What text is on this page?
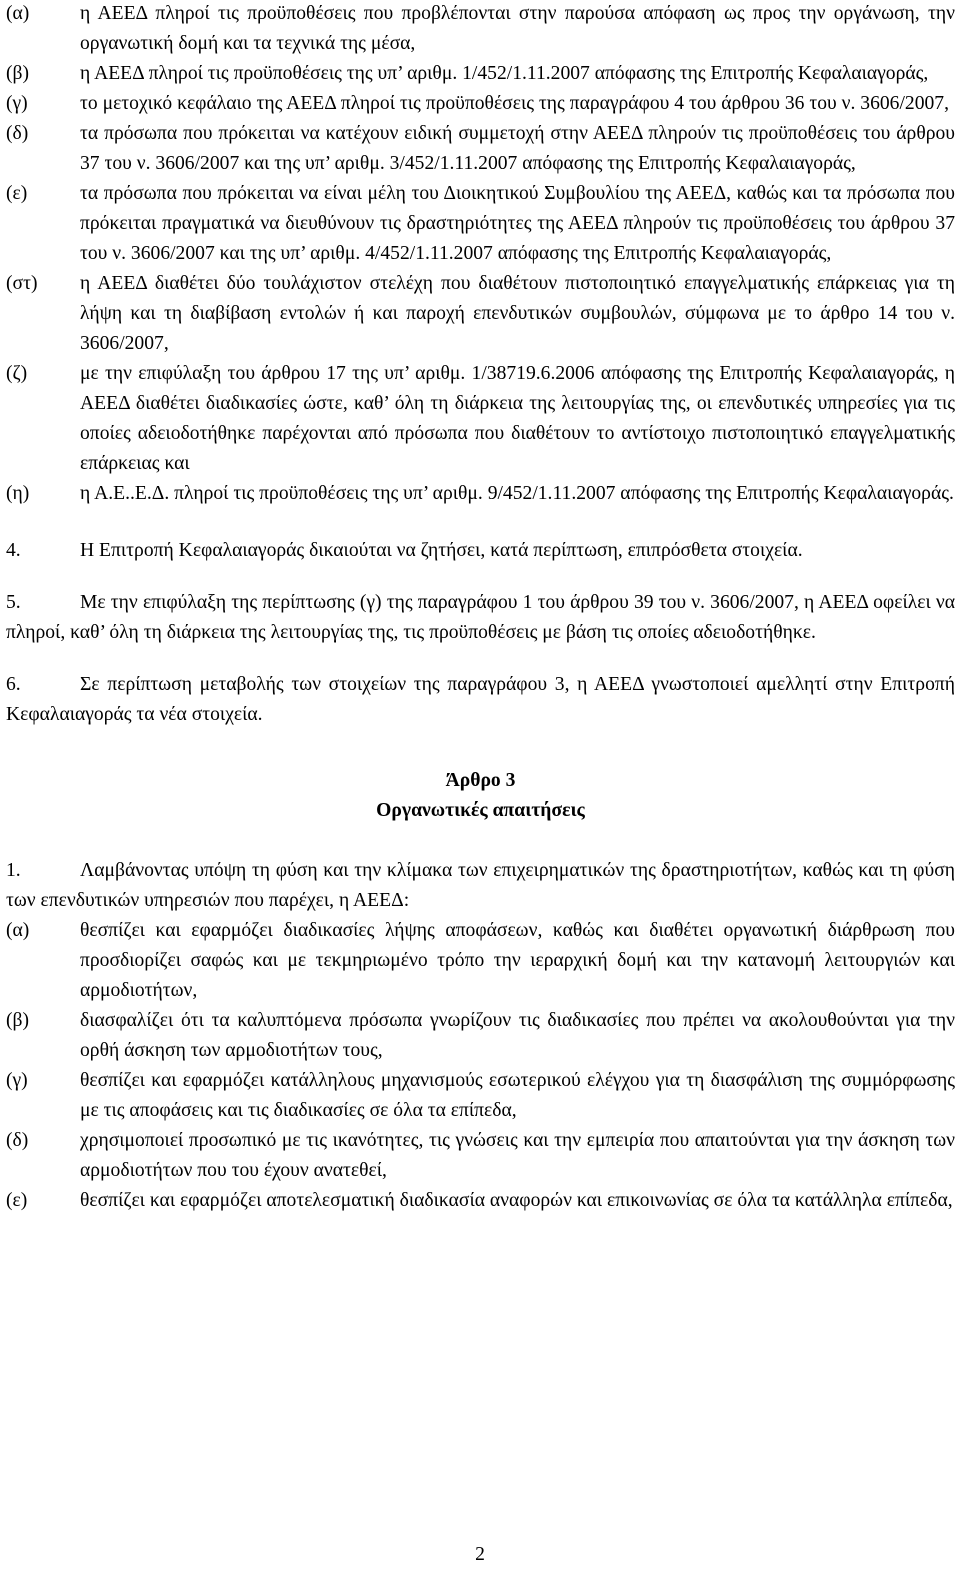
(α)	η ΑΕΕΔ πληροί τις προϋποθέσεις που προβλέπονται στην παρούσα απόφαση ως προς την οργάνωση, την οργανωτική δομή και τα τεχνικά της μέσα,
(β)	η ΑΕΕΔ πληροί τις προϋποθέσεις της υπ’ αριθμ. 1/452/1.11.2007 απόφασης της Επιτροπής Κεφαλαιαγοράς,
(γ)	το μετοχικό κεφάλαιο της ΑΕΕΔ πληροί τις προϋποθέσεις της παραγράφου 4 του άρθρου 36 του ν. 3606/2007,
(δ)	τα πρόσωπα που πρόκειται να κατέχουν ειδική συμμετοχή στην ΑΕΕΔ πληρούν τις προϋποθέσεις του άρθρου 37 του ν. 3606/2007 και της υπ’ αριθμ. 3/452/1.11.2007 απόφασης της Επιτροπής Κεφαλαιαγοράς,
(ε)	τα πρόσωπα που πρόκειται να είναι μέλη του Διοικητικού Συμβουλίου της ΑΕΕΔ, καθώς και τα πρόσωπα που πρόκειται πραγματικά να διευθύνουν τις δραστηριότητες της ΑΕΕΔ πληρούν τις προϋποθέσεις του άρθρου 37 του ν. 3606/2007 και της υπ’ αριθμ. 4/452/1.11.2007 απόφασης της Επιτροπής Κεφαλαιαγοράς,
(στ)	η ΑΕΕΔ διαθέτει δύο τουλάχιστον στελέχη που διαθέτουν πιστοποιητικό επαγγελματικής επάρκειας για τη λήψη και τη διαβίβαση εντολών ή και παροχή επενδυτικών συμβουλών, σύμφωνα με το άρθρο 14 του ν. 3606/2007,
(ζ)	με την επιφύλαξη του άρθρου 17 της υπ’ αριθμ. 1/38719.6.2006 απόφασης της Επιτροπής Κεφαλαιαγοράς, η ΑΕΕΔ διαθέτει διαδικασίες ώστε, καθ’ όλη τη διάρκεια της λειτουργίας της, οι επενδυτικές υπηρεσίες για τις οποίες αδειοδοτήθηκε παρέχονται από πρόσωπα που διαθέτουν το αντίστοιχο πιστοποιητικό επαγγελματικής επάρκειας και
(η)	η Α.Ε..Ε.Δ. πληροί τις προϋποθέσεις της υπ’ αριθμ. 9/452/1.11.2007 απόφασης της Επιτροπής Κεφαλαιαγοράς.

4.	Η Επιτροπή Κεφαλαιαγοράς δικαιούται να ζητήσει, κατά περίπτωση, επιπρόσθετα στοιχεία.

5.	Με την επιφύλαξη της περίπτωσης (γ) της παραγράφου 1 του άρθρου 39 του ν. 3606/2007, η ΑΕΕΔ οφείλει να πληροί, καθ’ όλη τη διάρκεια της λειτουργίας της, τις προϋποθέσεις με βάση τις οποίες αδειοδοτήθηκε.

6.	Σε περίπτωση μεταβολής των στοιχείων της παραγράφου 3, η ΑΕΕΔ γνωστοποιεί αμελλητί στην Επιτροπή Κεφαλαιαγοράς τα νέα στοιχεία.

Άρθρο 3

Οργανωτικές απαιτήσεις

1.	Λαμβάνοντας υπόψη τη φύση και την κλίμακα των επιχειρηματικών της δραστηριοτήτων, καθώς και τη φύση των επενδυτικών υπηρεσιών που παρέχει, η ΑΕΕΔ:

(α)	θεσπίζει και εφαρμόζει διαδικασίες λήψης αποφάσεων, καθώς και διαθέτει οργανωτική διάρθρωση που προσδιορίζει σαφώς και με τεκμηριωμένο τρόπο την ιεραρχική δομή και την κατανομή λειτουργιών και αρμοδιοτήτων,
(β)	διασφαλίζει ότι τα καλυπτόμενα πρόσωπα γνωρίζουν τις διαδικασίες που πρέπει να ακολουθούνται για την ορθή άσκηση των αρμοδιοτήτων τους,
(γ)	θεσπίζει και εφαρμόζει κατάλληλους μηχανισμούς εσωτερικού ελέγχου για τη διασφάλιση της συμμόρφωσης με τις αποφάσεις και τις διαδικασίες σε όλα τα επίπεδα,
(δ)	χρησιμοποιεί προσωπικό με τις ικανότητες, τις γνώσεις και την εμπειρία που απαιτούνται για την άσκηση των αρμοδιοτήτων που του έχουν ανατεθεί,
(ε)	θεσπίζει και εφαρμόζει αποτελεσματική διαδικασία αναφορών και επικοινωνίας σε όλα τα κατάλληλα επίπεδα,
2
